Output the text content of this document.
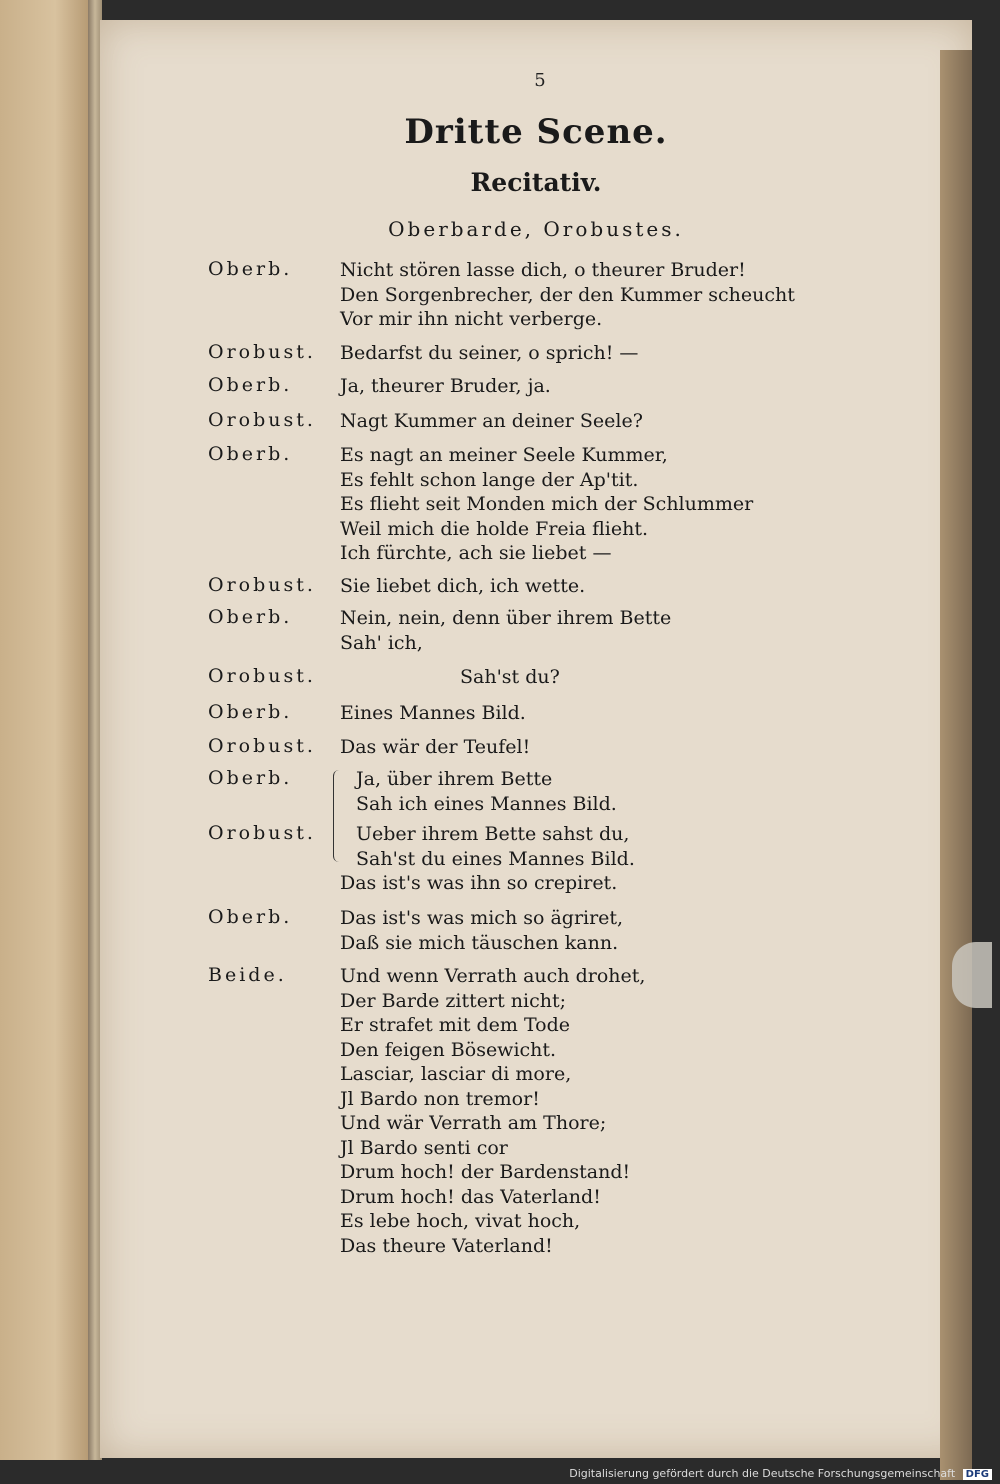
5
Dritte Scene.
Recitativ.
Oberbarde, Orobustes.
Oberb.	Nicht stören lasse dich, o theurer Bruder!
Den Sorgenbrecher, der den Kummer scheucht
Vor mir ihn nicht verberge.
Orobust. Bedarfst du seiner, o sprich! —
Oberb.	Ja, theurer Bruder, ja.
Orobust. Nagt Kummer an deiner Seele?
Oberb.	Es nagt an meiner Seele Kummer,
Es fehlt schon lange der Ap'tit.
Es flieht seit Monden mich der Schlummer
Weil mich die holde Freia flieht.
Ich fürchte, ach sie liebet —
Orobust. Sie liebet dich, ich wette.
Oberb.	Nein, nein, denn über ihrem Bette
Sah' ich,
Orobust.	Sah'st du?
Oberb.	Eines Mannes Bild.
Orobust. Das wär der Teufel!
Oberb.	Ja, über ihrem Bette
Sah ich eines Mannes Bild.
Orobust. Ueber ihrem Bette sahst du,
Sah'st du eines Mannes Bild.
Das ist's was ihn so crepiret.
Oberb.	Das ist's was mich so ägriret,
Daß sie mich täuschen kann.
Beide.	Und wenn Verrath auch drohet,
Der Barde zittert nicht;
Er strafet mit dem Tode
Den feigen Bösewicht.
Lasciar, lasciar di more,
Jl Bardo non tremor!
Und wär Verrath am Thore;
Jl Bardo senti cor
Drum hoch! der Bardenstand!
Drum hoch! das Vaterland!
Es lebe hoch, vivat hoch,
Das theure Vaterland!
Digitalisierung gefördert durch die Deutsche Forschungsgemeinschaft DFG
